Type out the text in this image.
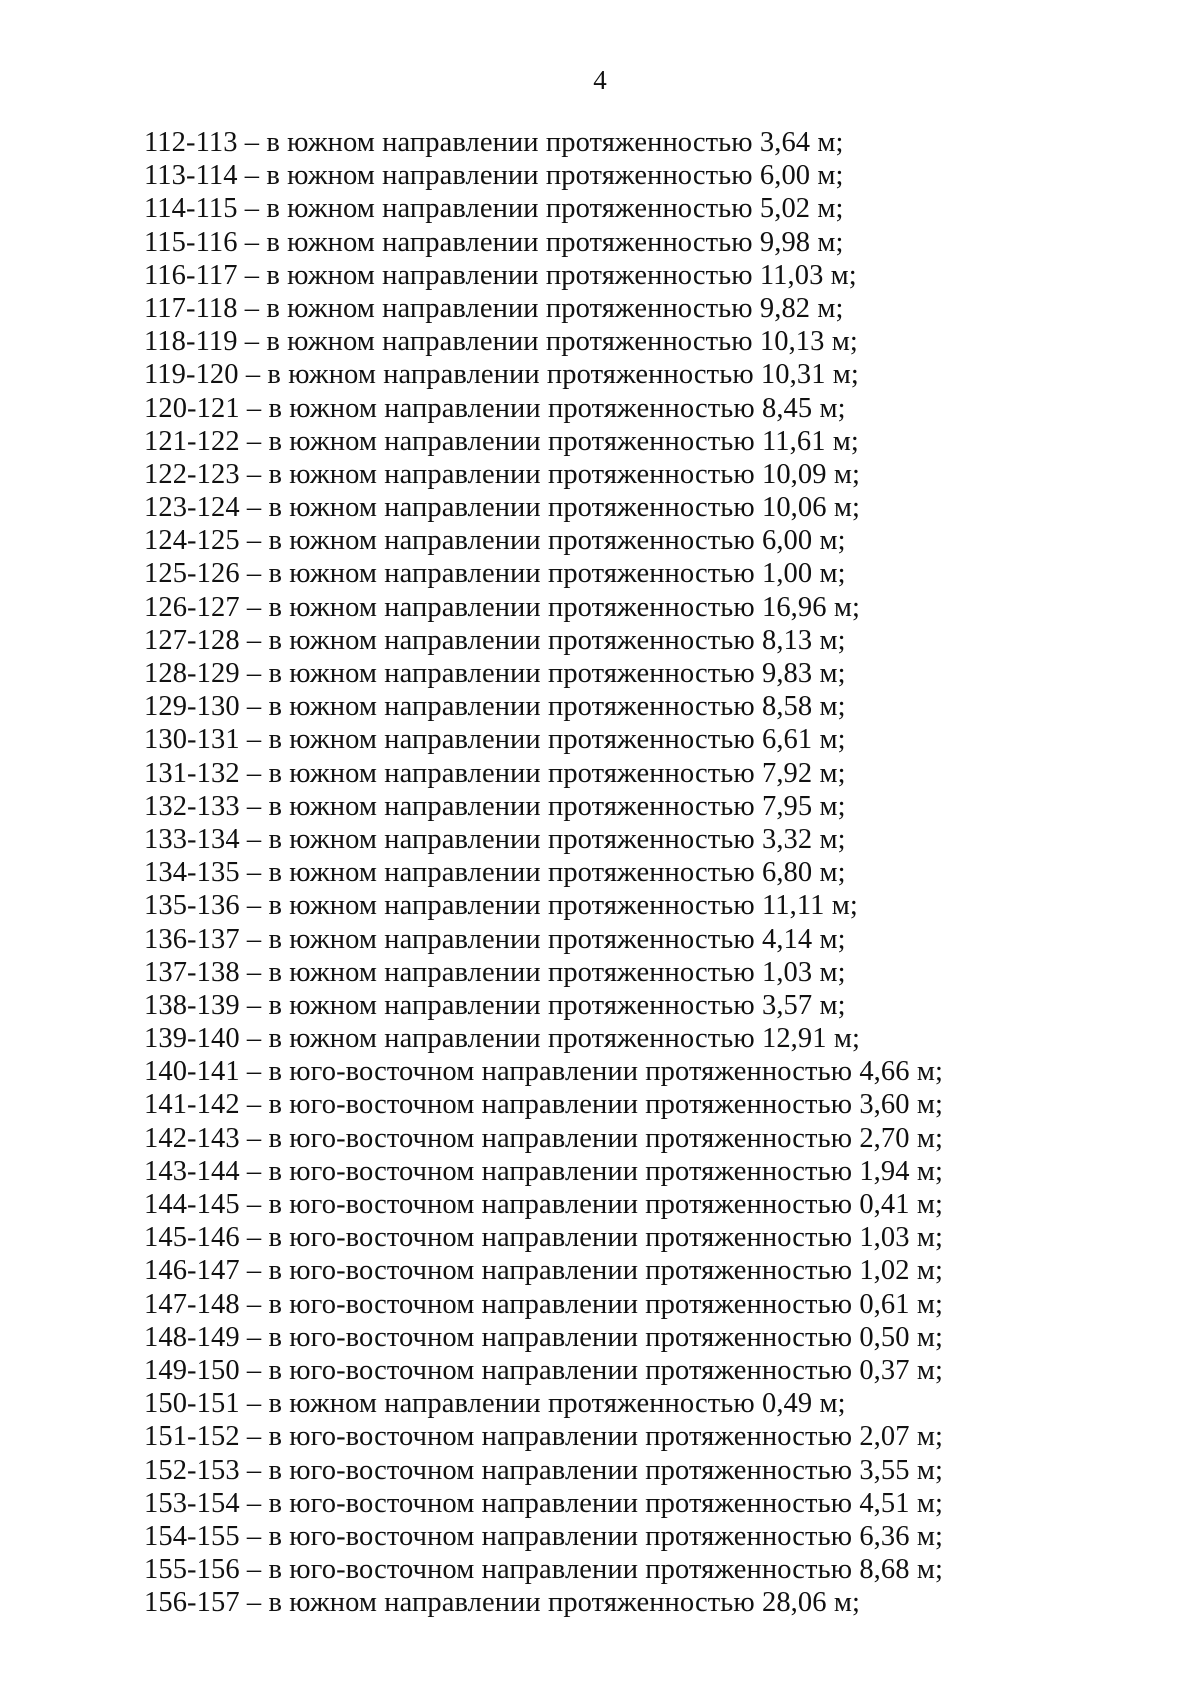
4
112-113 – в южном направлении протяженностью 3,64 м;
113-114 – в южном направлении протяженностью 6,00 м;
114-115 – в южном направлении протяженностью 5,02 м;
115-116 – в южном направлении протяженностью 9,98 м;
116-117 – в южном направлении протяженностью 11,03 м;
117-118 – в южном направлении протяженностью 9,82 м;
118-119 – в южном направлении протяженностью 10,13 м;
119-120 – в южном направлении протяженностью 10,31 м;
120-121 – в южном направлении протяженностью 8,45 м;
121-122 – в южном направлении протяженностью 11,61 м;
122-123 – в южном направлении протяженностью 10,09 м;
123-124 – в южном направлении протяженностью 10,06 м;
124-125 – в южном направлении протяженностью 6,00 м;
125-126 – в южном направлении протяженностью 1,00 м;
126-127 – в южном направлении протяженностью 16,96 м;
127-128 – в южном направлении протяженностью 8,13 м;
128-129 – в южном направлении протяженностью 9,83 м;
129-130 – в южном направлении протяженностью 8,58 м;
130-131 – в южном направлении протяженностью 6,61 м;
131-132 – в южном направлении протяженностью 7,92 м;
132-133 – в южном направлении протяженностью 7,95 м;
133-134 – в южном направлении протяженностью 3,32 м;
134-135 – в южном направлении протяженностью 6,80 м;
135-136 – в южном направлении протяженностью 11,11 м;
136-137 – в южном направлении протяженностью 4,14 м;
137-138 – в южном направлении протяженностью 1,03 м;
138-139 – в южном направлении протяженностью 3,57 м;
139-140 – в южном направлении протяженностью 12,91 м;
140-141 – в юго-восточном направлении протяженностью 4,66 м;
141-142 – в юго-восточном направлении протяженностью 3,60 м;
142-143 – в юго-восточном направлении протяженностью 2,70 м;
143-144 – в юго-восточном направлении протяженностью 1,94 м;
144-145 – в юго-восточном направлении протяженностью 0,41 м;
145-146 – в юго-восточном направлении протяженностью 1,03 м;
146-147 – в юго-восточном направлении протяженностью 1,02 м;
147-148 – в юго-восточном направлении протяженностью 0,61 м;
148-149 – в юго-восточном направлении протяженностью 0,50 м;
149-150 – в юго-восточном направлении протяженностью 0,37 м;
150-151 – в южном направлении протяженностью 0,49 м;
151-152 – в юго-восточном направлении протяженностью 2,07 м;
152-153 – в юго-восточном направлении протяженностью 3,55 м;
153-154 – в юго-восточном направлении протяженностью 4,51 м;
154-155 – в юго-восточном направлении протяженностью 6,36 м;
155-156 – в юго-восточном направлении протяженностью 8,68 м;
156-157 – в южном направлении протяженностью 28,06 м;
